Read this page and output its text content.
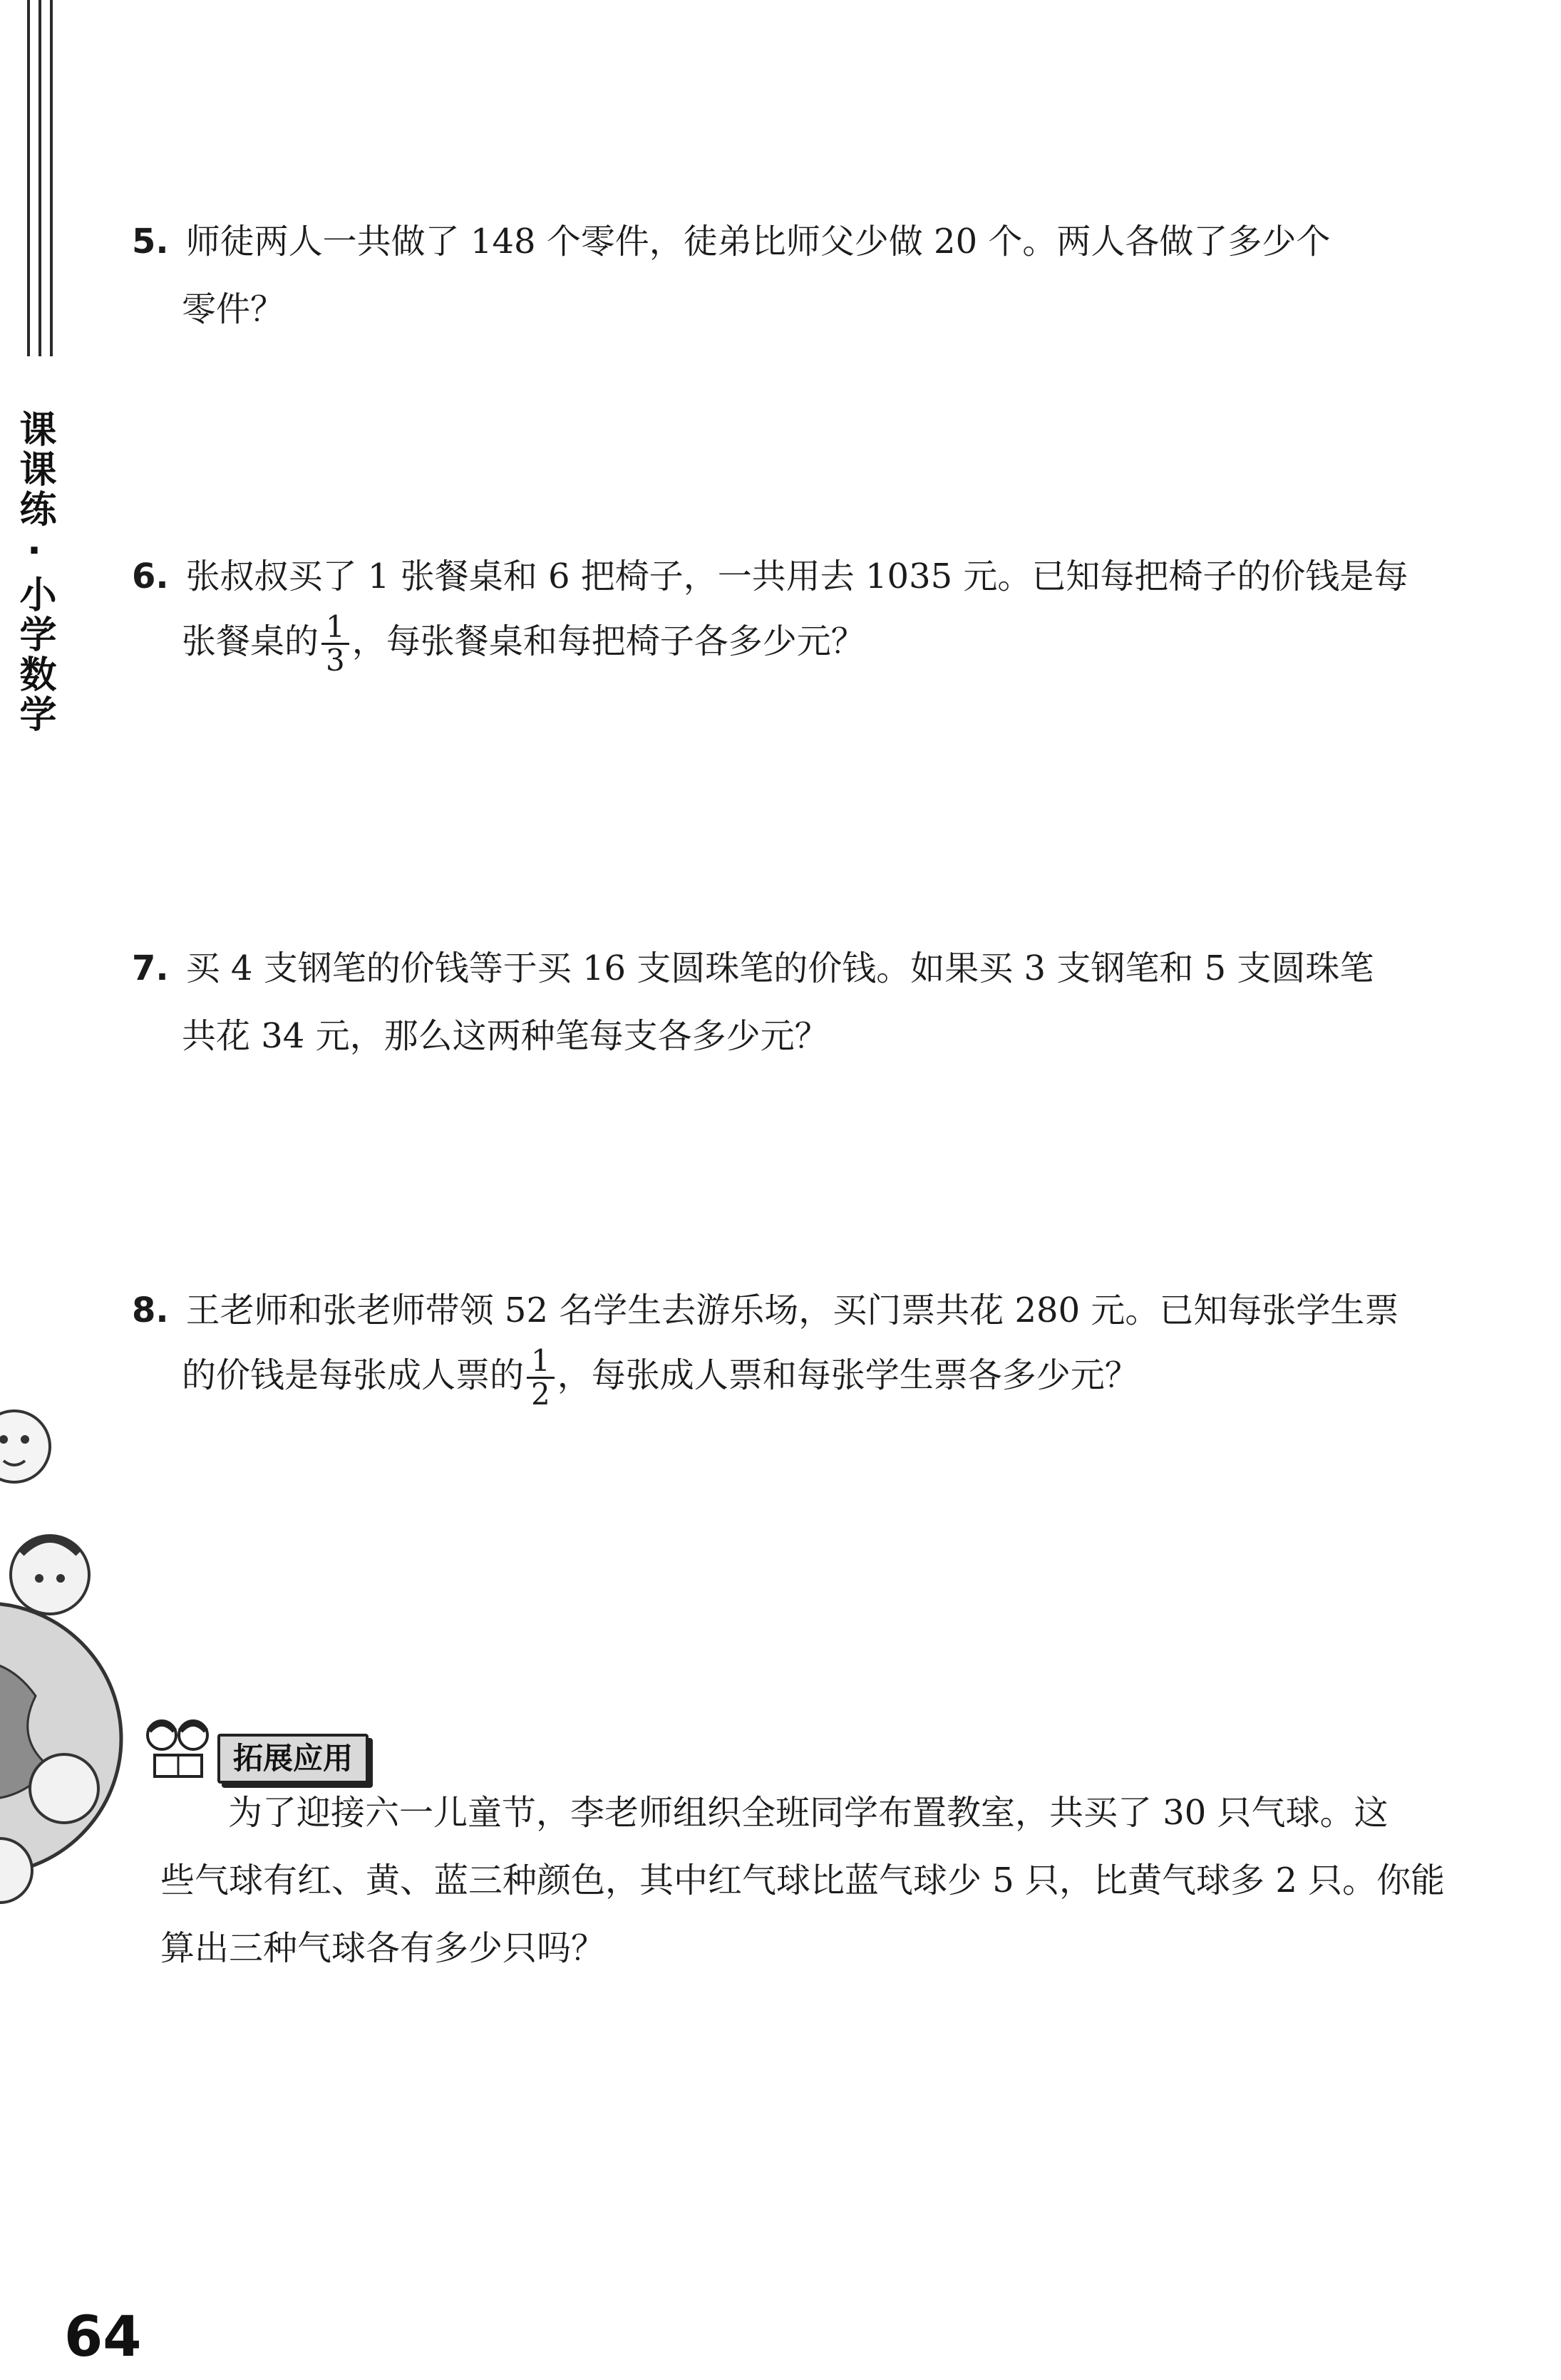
课课练·小学数学
5. 师徒两人一共做了 148 个零件，徒弟比师父少做 20 个。两人各做了多少个
零件？
6. 张叔叔买了 1 张餐桌和 6 把椅子，一共用去 1035 元。已知每把椅子的价钱是每
张餐桌的 $\frac{1}{3}$ ，每张餐桌和每把椅子各多少元？
7. 买 4 支钢笔的价钱等于买 16 支圆珠笔的价钱。如果买 3 支钢笔和 5 支圆珠笔
共花 34 元，那么这两种笔每支各多少元？
8. 王老师和张老师带领 52 名学生去游乐场，买门票共花 280 元。已知每张学生票
的价钱是每张成人票的 $\frac{1}{2}$ ，每张成人票和每张学生票各多少元？
拓展应用
为了迎接六一儿童节，李老师组织全班同学布置教室，共买了 30 只气球。这
些气球有红、黄、蓝三种颜色，其中红气球比蓝气球少 5 只，比黄气球多 2 只。你能
算出三种气球各有多少只吗？
64
